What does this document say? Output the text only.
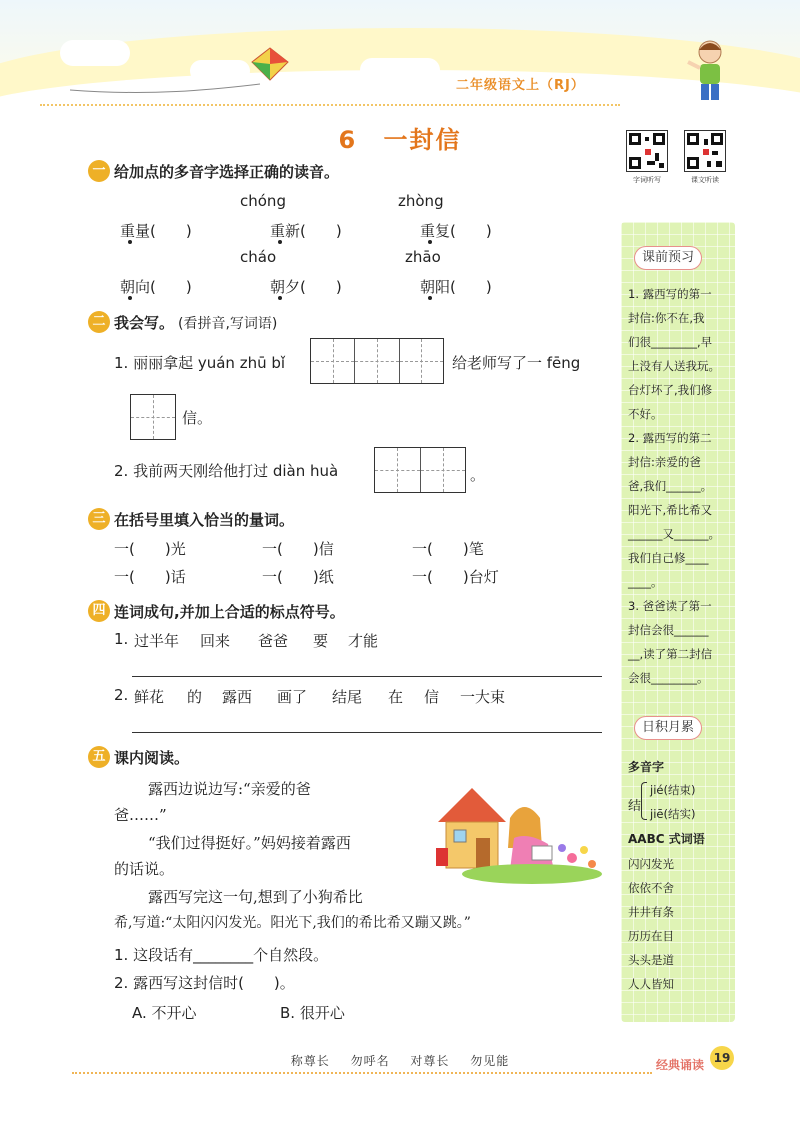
二年级语文上（RJ）
6 一封信
字词听写	课文听读
一 给加点的多音字选择正确的读音。
chóng	zhòng
重量(　　)	重新(　　)	重复(　　)
cháo	zhāo
朝向(　　)	朝夕(　　)	朝阳(　　)
二 我会写。 (看拼音,写词语)
1. 丽丽拿起 yuán zhū bǐ	给老师写了一 fēng
信。
2. 我前两天刚给他打过 diàn huà	。
三 在括号里填入恰当的量词。
一(　　)光	一(　　)信	一(　　)笔
一(　　)话	一(　　)纸	一(　　)台灯
四 连词成句,并加上合适的标点符号。
1. 过半年 回来 爸爸 要 才能
2. 鲜花 的 露西 画了 结尾 在 信 一大束
五 课内阅读。
露西边说边写:“亲爱的爸
爸……”
“我们过得挺好。”妈妈接着露西
的话说。
露西写完这一句,想到了小狗希比
希,写道:“太阳闪闪发光。阳光下,我们的希比希又蹦又跳。”
1. 这段话有________个自然段。
2. 露西写这封信时(　　)。
A. 不开心	B. 很开心
课前预习
1. 露西写的第一
封信:你不在,我
们很________,早
上没有人送我玩。
台灯坏了,我们修
不好。
2. 露西写的第二
封信:亲爱的爸
爸,我们______。
阳光下,希比希又
______又______。
我们自己修____
____。
3. 爸爸读了第一
封信会很______
__,读了第二封信
会很________。
日积月累
多音字
结
jié(结束)
jiē(结实)
AABC 式词语
闪闪发光
依依不舍
井井有条
历历在目
头头是道
人人皆知
称尊长 勿呼名 对尊长 勿见能	经典诵读 19
